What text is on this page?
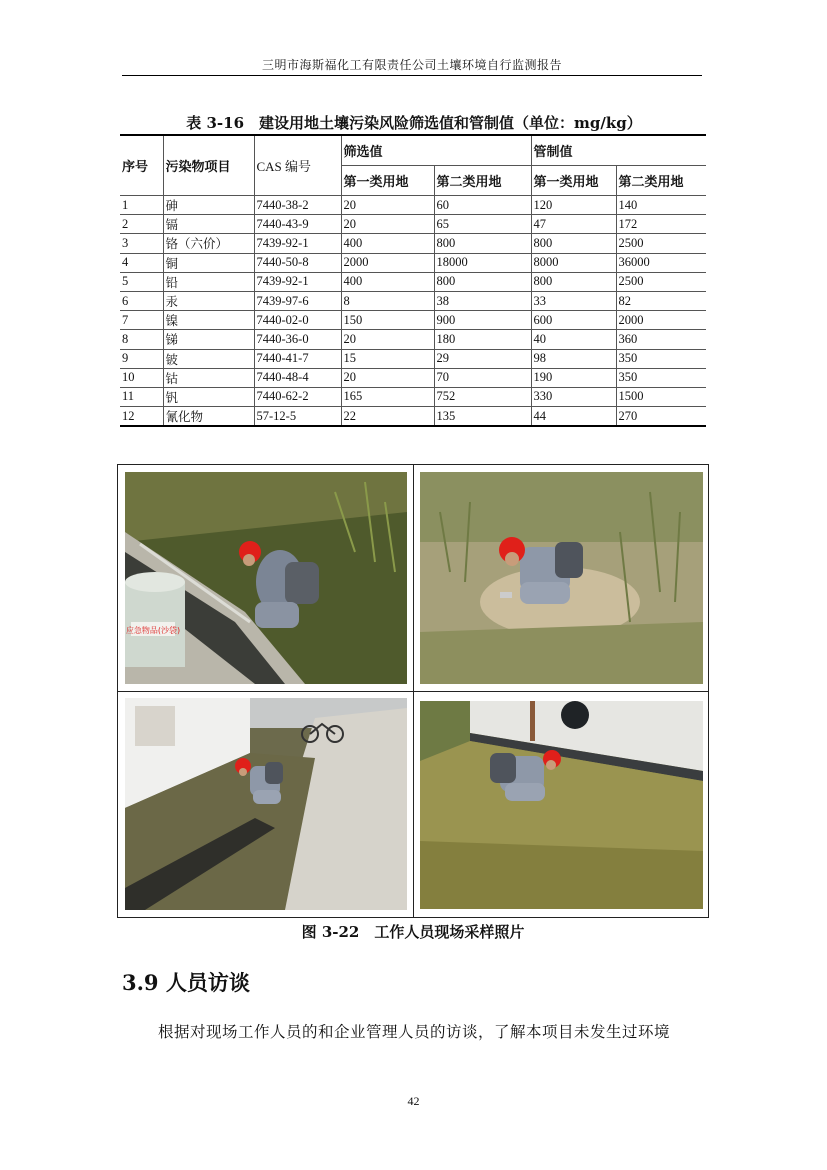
三明市海斯福化工有限责任公司土壤环境自行监测报告
表 3-16　建设用地土壤污染风险筛选值和管制值（单位：mg/kg）
序号	污染物项目	CAS 编号	筛选值		管制值	
			第一类用地	第二类用地	第一类用地	第二类用地
1	砷	7440-38-2	20	60	120	140
2	镉	7440-43-9	20	65	47	172
3	铬（六价）	7439-92-1	400	800	800	2500
4	铜	7440-50-8	2000	18000	8000	36000
5	铅	7439-92-1	400	800	800	2500
6	汞	7439-97-6	8	38	33	82
7	镍	7440-02-0	150	900	600	2000
8	锑	7440-36-0	20	180	40	360
9	铍	7440-41-7	15	29	98	350
10	钴	7440-48-4	20	70	190	350
11	钒	7440-62-2	165	752	330	1500
12	氰化物	57-12-5	22	135	44	270
应急物品(沙袋)
图 3-22　工作人员现场采样照片
3.9 人员访谈
根据对现场工作人员的和企业管理人员的访谈，了解本项目未发生过环境
42
